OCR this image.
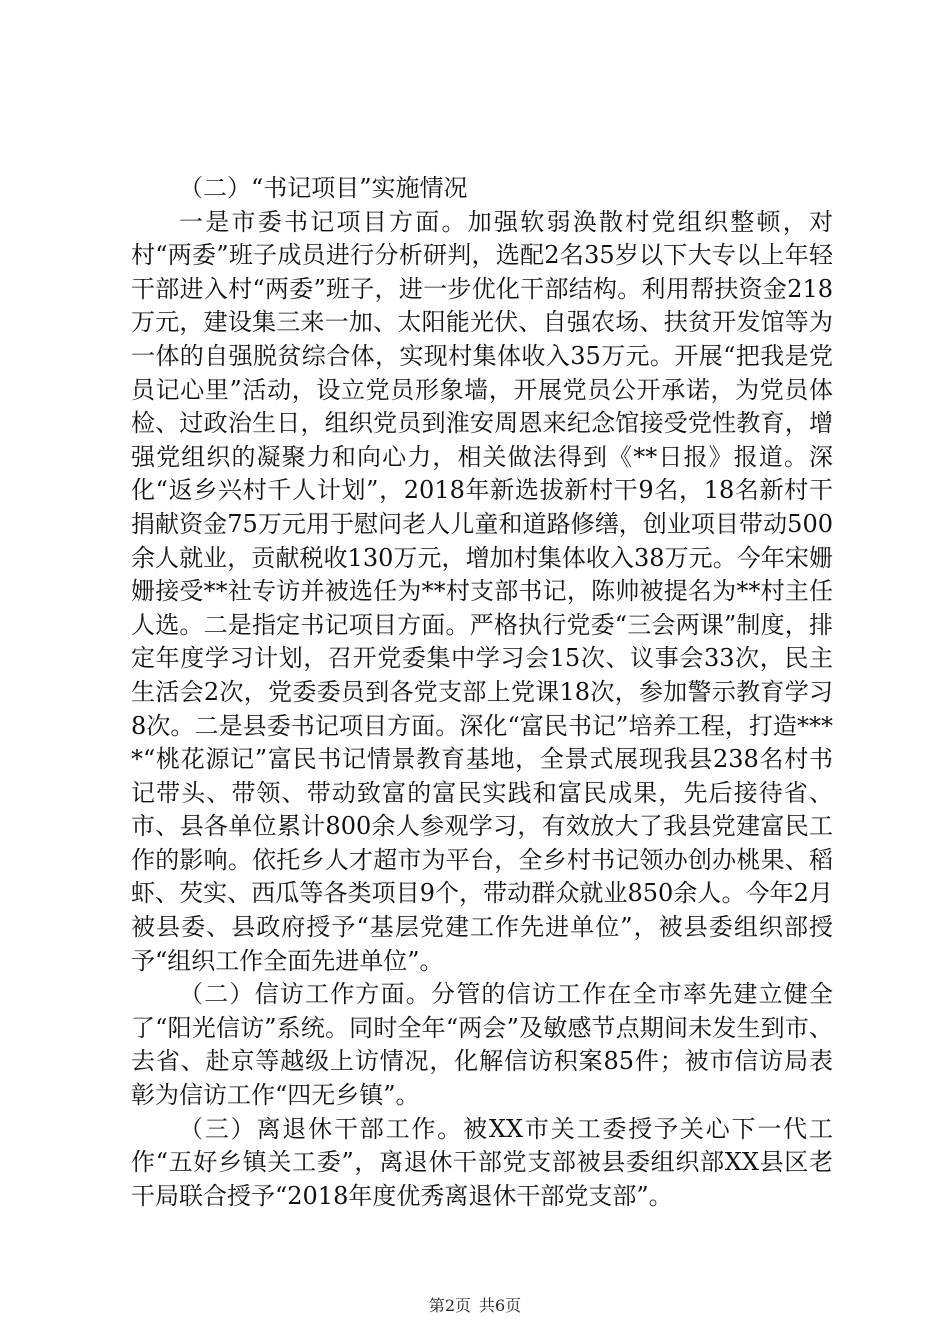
（二）“书记项目”实施情况

一是市委书记项目方面。加强软弱涣散村党组织整顿，对村“两委”班子成员进行分析研判，选配2名35岁以下大专以上年轻干部进入村“两委”班子，进一步优化干部结构。利用帮扶资金218万元，建设集三来一加、太阳能光伏、自强农场、扶贫开发馆等为一体的自强脱贫综合体，实现村集体收入35万元。开展“把我是党员记心里”活动，设立党员形象墙，开展党员公开承诺，为党员体检、过政治生日，组织党员到淮安周恩来纪念馆接受党性教育，增强党组织的凝聚力和向心力，相关做法得到《**日报》报道。深化“返乡兴村千人计划”，2018年新选拔新村干9名，18名新村干捐献资金75万元用于慰问老人儿童和道路修缮，创业项目带动500余人就业，贡献税收130万元，增加村集体收入38万元。今年宋姗姗接受**社专访并被选任为**村支部书记，陈帅被提名为**村主任人选。二是指定书记项目方面。严格执行党委“三会两课”制度，排定年度学习计划，召开党委集中学习会15次、议事会33次，民主生活会2次，党委委员到各党支部上党课18次，参加警示教育学习8次。二是县委书记项目方面。深化“富民书记”培养工程，打造****“桃花源记”富民书记情景教育基地，全景式展现我县238名村书记带头、带领、带动致富的富民实践和富民成果，先后接待省、市、县各单位累计800余人参观学习，有效放大了我县党建富民工作的影响。依托乡人才超市为平台，全乡村书记领办创办桃果、稻虾、芡实、西瓜等各类项目9个，带动群众就业850余人。今年2月被县委、县政府授予“基层党建工作先进单位”，被县委组织部授予“组织工作全面先进单位”。

（二）信访工作方面。分管的信访工作在全市率先建立健全了“阳光信访”系统。同时全年“两会”及敏感节点期间未发生到市、去省、赴京等越级上访情况，化解信访积案85件；被市信访局表彰为信访工作“四无乡镇”。

（三）离退休干部工作。被XX市关工委授予关心下一代工作“五好乡镇关工委”，离退休干部党支部被县委组织部XX县区老干局联合授予“2018年度优秀离退休干部党支部”。

第2页 共6页
